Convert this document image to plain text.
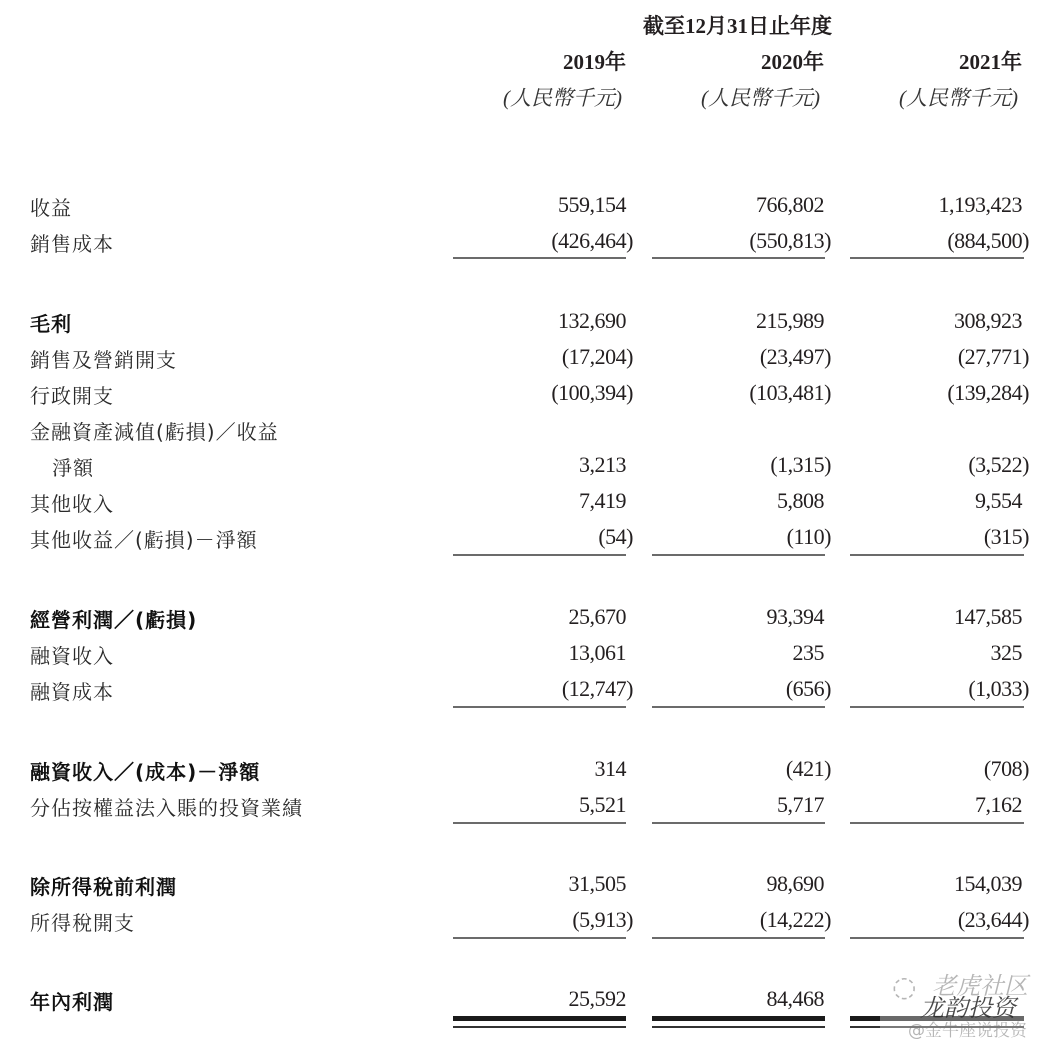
截至12月31日止年度
2019年	2020年	2021年
(人民幣千元)	(人民幣千元)	(人民幣千元)
收益	559,154	766,802	1,193,423
銷售成本	(426,464)	(550,813)	(884,500)
毛利	132,690	215,989	308,923
銷售及營銷開支	(17,204)	(23,497)	(27,771)
行政開支	(100,394)	(103,481)	(139,284)
金融資產減值(虧損)／收益
淨額	3,213	(1,315)	(3,522)
其他收入	7,419	5,808	9,554
其他收益／(虧損)－淨額	(54)	(110)	(315)
經營利潤／(虧損)	25,670	93,394	147,585
融資收入	13,061	235	325
融資成本	(12,747)	(656)	(1,033)
融資收入／(成本)－淨額	314	(421)	(708)
分佔按權益法入賬的投資業績	5,521	5,717	7,162
除所得稅前利潤	31,505	98,690	154,039
所得稅開支	(5,913)	(14,222)	(23,644)
年內利潤	25,592	84,468 ◌ 老虎社区
龙韵投资
@金牛座说投资
